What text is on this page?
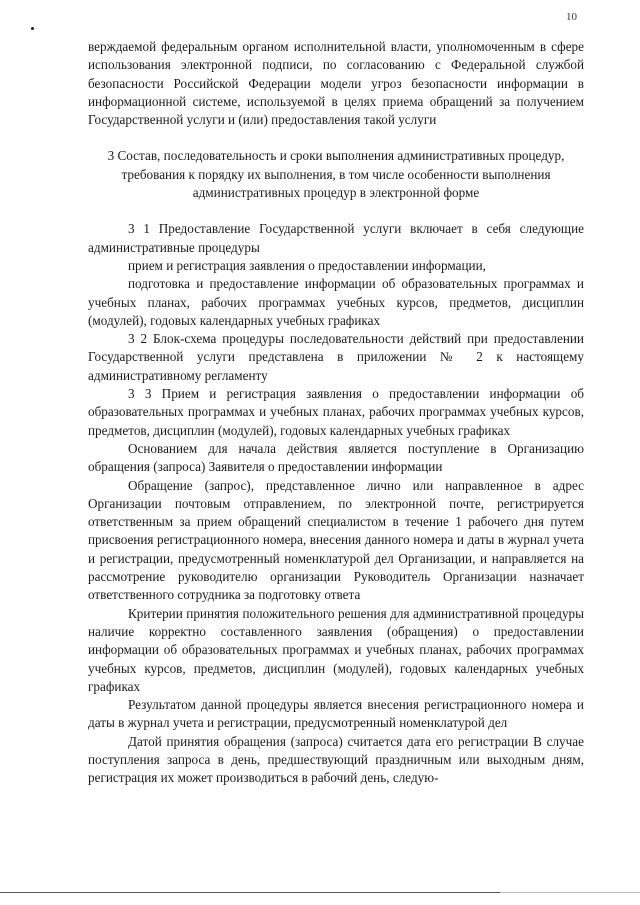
10

верждаемой федеральным органом исполнительной власти, уполномоченным в сфере использования электронной подписи, по согласованию с Федеральной службой безопасности Российской Федерации модели угроз безопасности информации в информационной системе, используемой в целях приема обращений за получением Государственной услуги и (или) предоставления такой услуги

3 Состав, последовательность и сроки выполнения административных процедур, требования к порядку их выполнения, в том числе особенности выполнения административных процедур в электронной форме

3 1 Предоставление Государственной услуги включает в себя следующие административные процедуры

прием и регистрация заявления о предоставлении информации,

подготовка и предоставление информации об образовательных программах и учебных планах, рабочих программах учебных курсов, предметов, дисциплин (модулей), годовых календарных учебных графиках

3 2 Блок-схема процедуры последовательности действий при предоставлении Государственной услуги представлена в приложении № 2 к настоящему административному регламенту

3 3 Прием и регистрация заявления о предоставлении информации об образовательных программах и учебных планах, рабочих программах учебных курсов, предметов, дисциплин (модулей), годовых календарных учебных графиках

Основанием для начала действия является поступление в Организацию обращения (запроса) Заявителя о предоставлении информации

Обращение (запрос), представленное лично или направленное в адрес Организации почтовым отправлением, по электронной почте, регистрируется ответственным за прием обращений специалистом в течение 1 рабочего дня путем присвоения регистрационного номера, внесения данного номера и даты в журнал учета и регистрации, предусмотренный номенклатурой дел Организации, и направляется на рассмотрение руководителю организации Руководитель Организации назначает ответственного сотрудника за подготовку ответа

Критерии принятия положительного решения для административной процедуры наличие корректно составленного заявления (обращения) о предоставлении информации об образовательных программах и учебных планах, рабочих программах учебных курсов, предметов, дисциплин (модулей), годовых календарных учебных графиках

Результатом данной процедуры является внесения регистрационного номера и даты в журнал учета и регистрации, предусмотренный номенклатурой дел

Датой принятия обращения (запроса) считается дата его регистрации В случае поступления запроса в день, предшествующий праздничным или выходным дням, регистрация их может производиться в рабочий день, следую-
